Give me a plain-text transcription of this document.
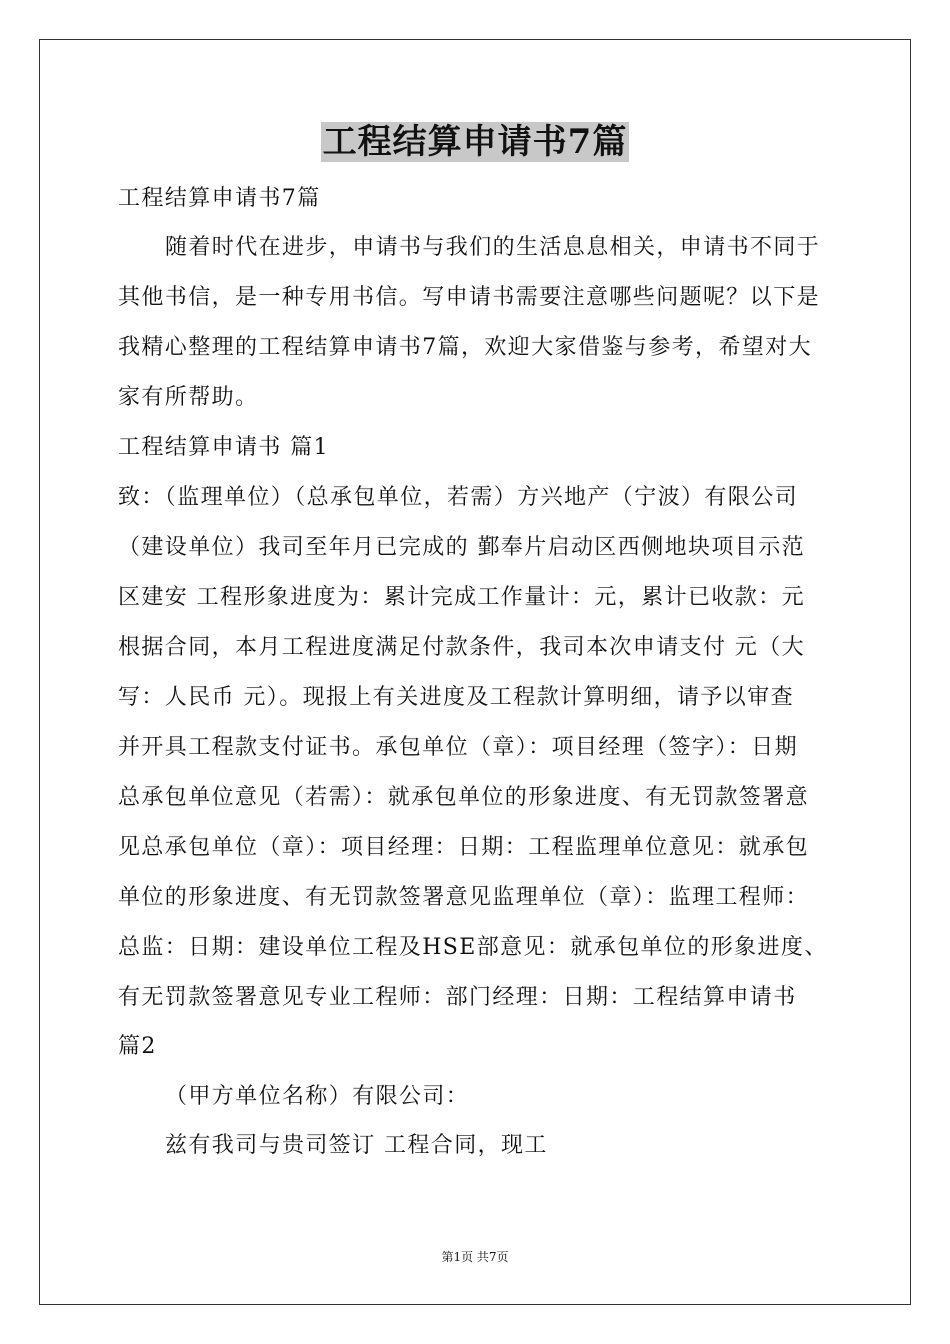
工程结算申请书7篇
工程结算申请书7篇
随着时代在进步，申请书与我们的生活息息相关，申请书不同于
其他书信，是一种专用书信。写申请书需要注意哪些问题呢？以下是
我精心整理的工程结算申请书7篇，欢迎大家借鉴与参考，希望对大
家有所帮助。
工程结算申请书 篇1
致：（监理单位）（总承包单位，若需）方兴地产（宁波）有限公司
（建设单位）我司至年月已完成的 鄞奉片启动区西侧地块项目示范
区建安 工程形象进度为：累计完成工作量计：元，累计已收款：元
根据合同，本月工程进度满足付款条件，我司本次申请支付 元（大
写：人民币 元）。现报上有关进度及工程款计算明细，请予以审查
并开具工程款支付证书。承包单位（章）：项目经理（签字）：日期
总承包单位意见（若需）：就承包单位的形象进度、有无罚款签署意
见总承包单位（章）：项目经理：日期：工程监理单位意见：就承包
单位的形象进度、有无罚款签署意见监理单位（章）：监理工程师：
总监：日期：建设单位工程及HSE部意见：就承包单位的形象进度、
有无罚款签署意见专业工程师：部门经理：日期：工程结算申请书
篇2
（甲方单位名称）有限公司：
兹有我司与贵司签订 工程合同，现工
第1页 共7页
